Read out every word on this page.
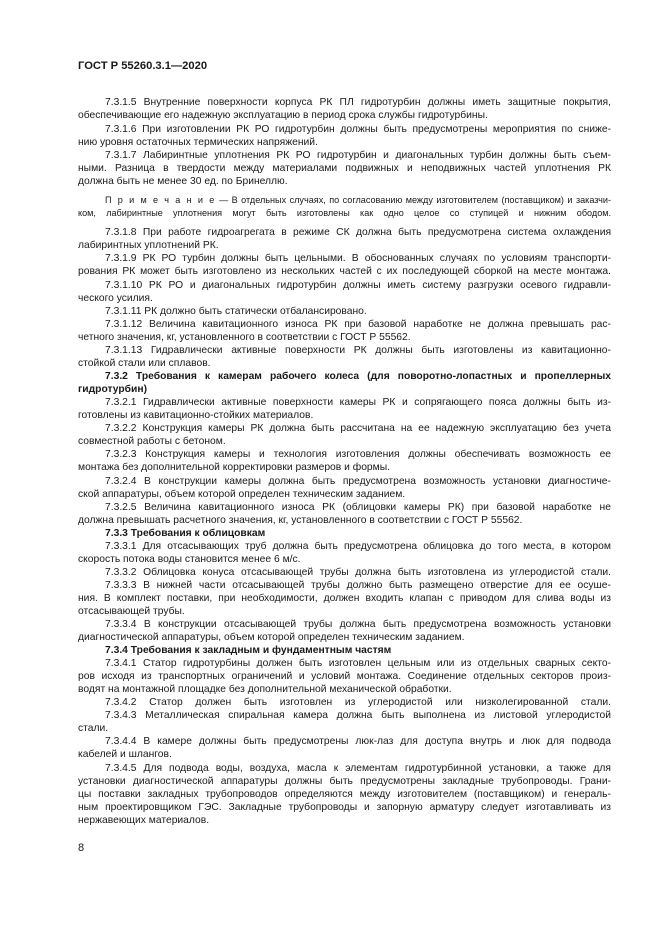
ГОСТ Р 55260.3.1—2020
7.3.1.5 Внутренние поверхности корпуса РК ПЛ гидротурбин должны иметь защитные покрытия,
обеспечивающие его надежную эксплуатацию в период срока службы гидротурбины.
7.3.1.6 При изготовлении РК РО гидротурбин должны быть предусмотрены мероприятия по сниже-
нию уровня остаточных термических напряжений.
7.3.1.7 Лабиринтные уплотнения РК РО гидротурбин и диагональных турбин должны быть съем-
ными. Разница в твердости между материалами подвижных и неподвижных частей уплотнения РК
должна быть не менее 30 ед. по Бринеллю.
П р и м е ч а н и е — В отдельных случаях, по согласованию между изготовителем (поставщиком) и заказчи-
ком, лабиринтные уплотнения могут быть изготовлены как одно целое со ступицей и нижним ободом.
7.3.1.8 При работе гидроагрегата в режиме СК должна быть предусмотрена система охлаждения
лабиринтных уплотнений РК.
7.3.1.9 РК РО турбин должны быть цельными. В обоснованных случаях по условиям транспорти-
рования РК может быть изготовлено из нескольких частей с их последующей сборкой на месте монтажа.
7.3.1.10 РК РО и диагональных гидротурбин должны иметь систему разгрузки осевого гидравли-
ческого усилия.
7.3.1.11 РК должно быть статически отбалансировано.
7.3.1.12 Величина кавитационного износа РК при базовой наработке не должна превышать рас-
четного значения, кг, установленного в соответствии с ГОСТ Р 55562.
7.3.1.13 Гидравлически активные поверхности РК должны быть изготовлены из кавитационно-
стойкой стали или сплавов.
7.3.2 Требования к камерам рабочего колеса (для поворотно-лопастных и пропеллерных
гидротурбин)
7.3.2.1 Гидравлически активные поверхности камеры РК и сопрягающего пояса должны быть из-
готовлены из кавитационно-стойких материалов.
7.3.2.2 Конструкция камеры РК должна быть рассчитана на ее надежную эксплуатацию без учета
совместной работы с бетоном.
7.3.2.3 Конструкция камеры и технология изготовления должны обеспечивать возможность ее
монтажа без дополнительной корректировки размеров и формы.
7.3.2.4 В конструкции камеры должна быть предусмотрена возможность установки диагностиче-
ской аппаратуры, объем которой определен техническим заданием.
7.3.2.5 Величина кавитационного износа РК (облицовки камеры РК) при базовой наработке не
должна превышать расчетного значения, кг, установленного в соответствии с ГОСТ Р 55562.
7.3.3 Требования к облицовкам
7.3.3.1 Для отсасывающих труб должна быть предусмотрена облицовка до того места, в котором
скорость потока воды становится менее 6 м/с.
7.3.3.2 Облицовка конуса отсасывающей трубы должна быть изготовлена из углеродистой стали.
7.3.3.3 В нижней части отсасывающей трубы должно быть размещено отверстие для ее осуше-
ния. В комплект поставки, при необходимости, должен входить клапан с приводом для слива воды из
отсасывающей трубы.
7.3.3.4 В конструкции отсасывающей трубы должна быть предусмотрена возможность установки
диагностической аппаратуры, объем которой определен техническим заданием.
7.3.4 Требования к закладным и фундаментным частям
7.3.4.1 Статор гидротурбины должен быть изготовлен цельным или из отдельных сварных секто-
ров исходя из транспортных ограничений и условий монтажа. Соединение отдельных секторов произ-
водят на монтажной площадке без дополнительной механической обработки.
7.3.4.2 Статор должен быть изготовлен из углеродистой или низколегированной стали.
7.3.4.3 Металлическая спиральная камера должна быть выполнена из листовой углеродистой
стали.
7.3.4.4 В камере должны быть предусмотрены люк-лаз для доступа внутрь и люк для подвода
кабелей и шлангов.
7.3.4.5 Для подвода воды, воздуха, масла к элементам гидротурбинной установки, а также для
установки диагностической аппаратуры должны быть предусмотрены закладные трубопроводы. Грани-
цы поставки закладных трубопроводов определяются между изготовителем (поставщиком) и генераль-
ным проектировщиком ГЭС. Закладные трубопроводы и запорную арматуру следует изготавливать из
нержавеющих материалов.
8
